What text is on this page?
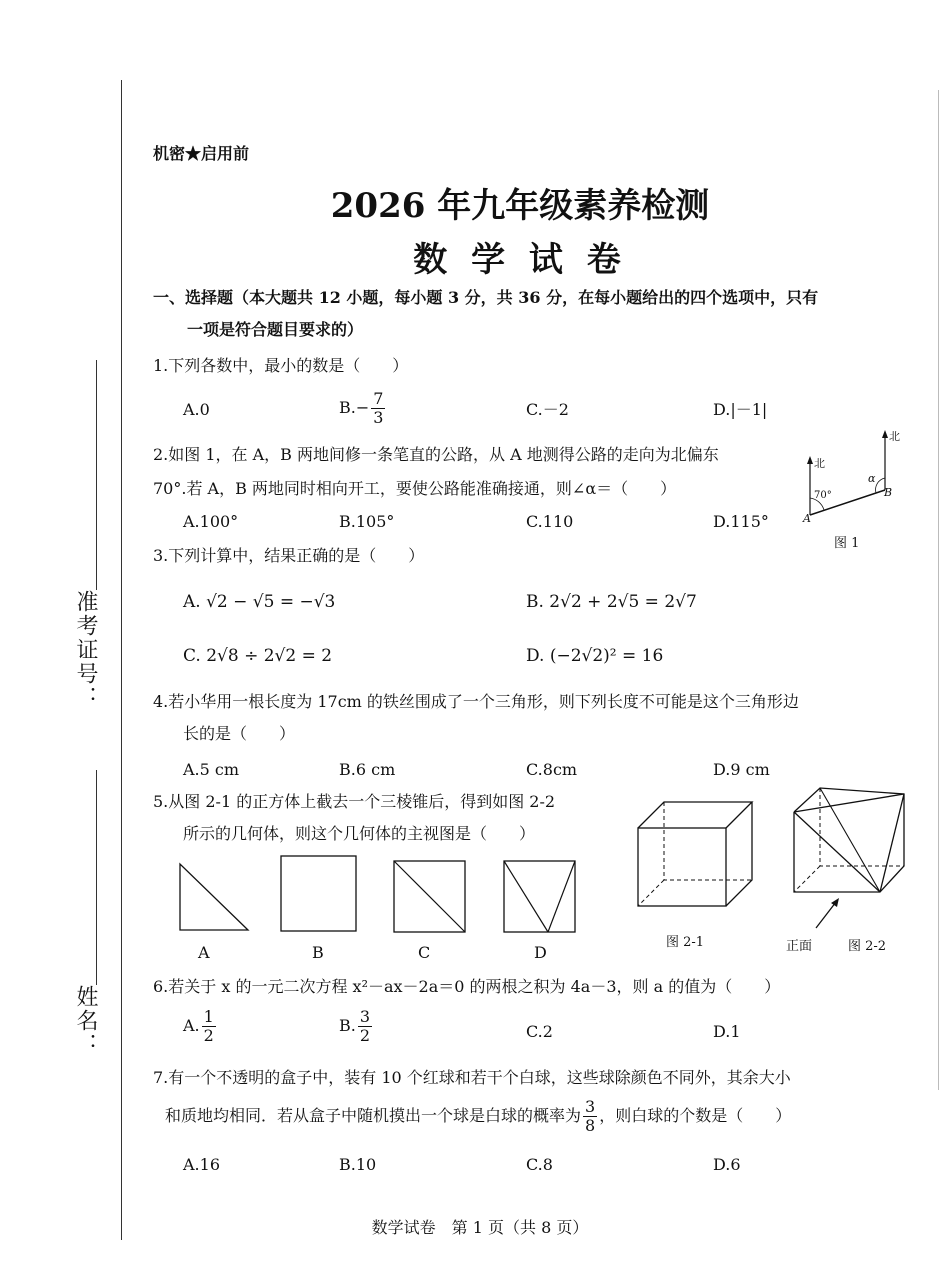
准考证号：
姓名：
机密★启用前
2026 年九年级素养检测
数 学 试 卷
一、选择题（本大题共 12 小题，每小题 3 分，共 36 分，在每小题给出的四个选项中，只有
一项是符合题目要求的）
1.下列各数中，最小的数是（　　）
A.0	$B.- \frac{7}{3}$	C.－2	D.|－1|
2.如图 1，在 A，B 两地间修一条笔直的公路，从 A 地测得公路的走向为北偏东
70°.若 A，B 两地同时相向开工，要使公路能准确接通，则∠α＝（　　）
A.100°	B.105°	C.110	D.115°
北
北
70°
α
A
B
图 1
3.下列计算中，结果正确的是（　　）
A. √2 − √5 = −√3	B. 2√2 + 2√5 = 2√7
C. 2√8 ÷ 2√2 = 2	D. (−2√2)² = 16
4.若小华用一根长度为 17cm 的铁丝围成了一个三角形，则下列长度不可能是这个三角形边
长的是（　　）
A.5 cm	B.6 cm	C.8cm	D.9 cm
5.从图 2-1 的正方体上截去一个三棱锥后，得到如图 2-2
所示的几何体，则这个几何体的主视图是（　　）
A	B	C	D
图 2-1	正面	图 2-2
6.若关于 x 的一元二次方程 x²－ax－2a＝0 的两根之积为 4a－3，则 a 的值为（　　）
A. $\frac{1}{2}$	B. $\frac{3}{2}$	C.2	D.1
7.有一个不透明的盒子中，装有 10 个红球和若干个白球，这些球除颜色不同外，其余大小
和质地均相同．若从盒子中随机摸出一个球是白球的概率为 $\frac{3}{8}$ ，则白球的个数是（　　）
A.16	B.10	C.8	D.6
数学试卷　第 1 页（共 8 页）
